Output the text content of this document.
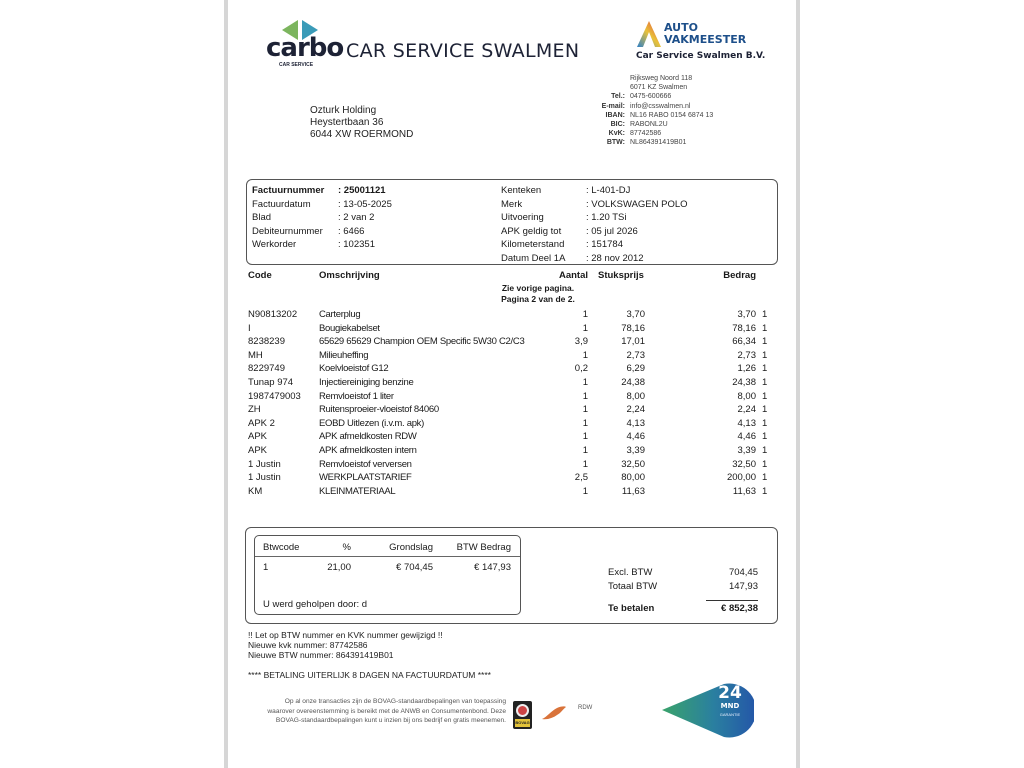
carbo
CAR SERVICE
CAR SERVICE SWALMEN
AUTO
VAKMEESTER
Car Service Swalmen B.V.
Rijksweg Noord 118
6071 KZ Swalmen
Tel.: 0475-600666
E-mail: info@csswalmen.nl
IBAN: NL16 RABO 0154 6874 13
BIC: RABONL2U
KvK: 87742586
BTW: NL864391419B01
Ozturk Holding
Heystertbaan 36
6044 XW ROERMOND
Factuurnummer	: 25001121
Factuurdatum	: 13-05-2025
Blad	: 2 van 2
Debiteurnummer	: 6466
Werkorder	: 102351
Kenteken	: L-401-DJ
Merk	: VOLKSWAGEN POLO
Uitvoering	: 1.20 TSi
APK geldig tot	: 05 jul 2026
Kilometerstand	: 151784
Datum Deel 1A	: 28 nov 2012
Code	Omschrijving	Aantal Stuksprijs	Bedrag
Zie vorige pagina.
Pagina 2 van de 2.
N90813202 Carterplug	1	3,70	3,70 1
I	Bougiekabelset	1	78,16	78,16 1
8238239	65629 65629 Champion OEM Specific 5W30 C2/C3	3,9	17,01	66,34 1
MH	Milieuheffing	1	2,73	2,73 1
8229749	Koelvloeistof G12	0,2	6,29	1,26 1
Tunap 974	Injectiereiniging benzine	1	24,38	24,38 1
1987479003 Remvloeistof 1 liter	1	8,00	8,00 1
ZH	Ruitensproeier-vloeistof 84060	1	2,24	2,24 1
APK 2	EOBD Uitlezen (i.v.m. apk)	1	4,13	4,13 1
APK	APK afmeldkosten RDW	1	4,46	4,46 1
APK	APK afmeldkosten intern	1	3,39	3,39 1
1 Justin	Remvloeistof verversen	1	32,50	32,50 1
1 Justin	WERKPLAATSTARIEF	2,5	80,00	200,00 1
KM	KLEINMATERIAAL	1	11,63	11,63 1
Btwcode	%	Grondslag	BTW Bedrag
1	21,00	€ 704,45	€ 147,93
U werd geholpen door: d
Excl. BTW	704,45
Totaal BTW	147,93
Te betalen	€ 852,38
!! Let op BTW nummer en KVK nummer gewijzigd !!
Nieuwe kvk nummer: 87742586
Nieuwe BTW nummer: 864391419B01
**** BETALING UITERLIJK 8 DAGEN NA FACTUURDATUM ****
Op al onze transacties zijn de BOVAG-standaardbepalingen van toepassing waarover overeenstemming is bereikt met de ANWB en Consumentenbond. Deze BOVAG-standaardbepalingen kunt u inzien bij ons bedrijf en gratis meenemen. BOVAG
RDW
24
MND
GARANTIE
